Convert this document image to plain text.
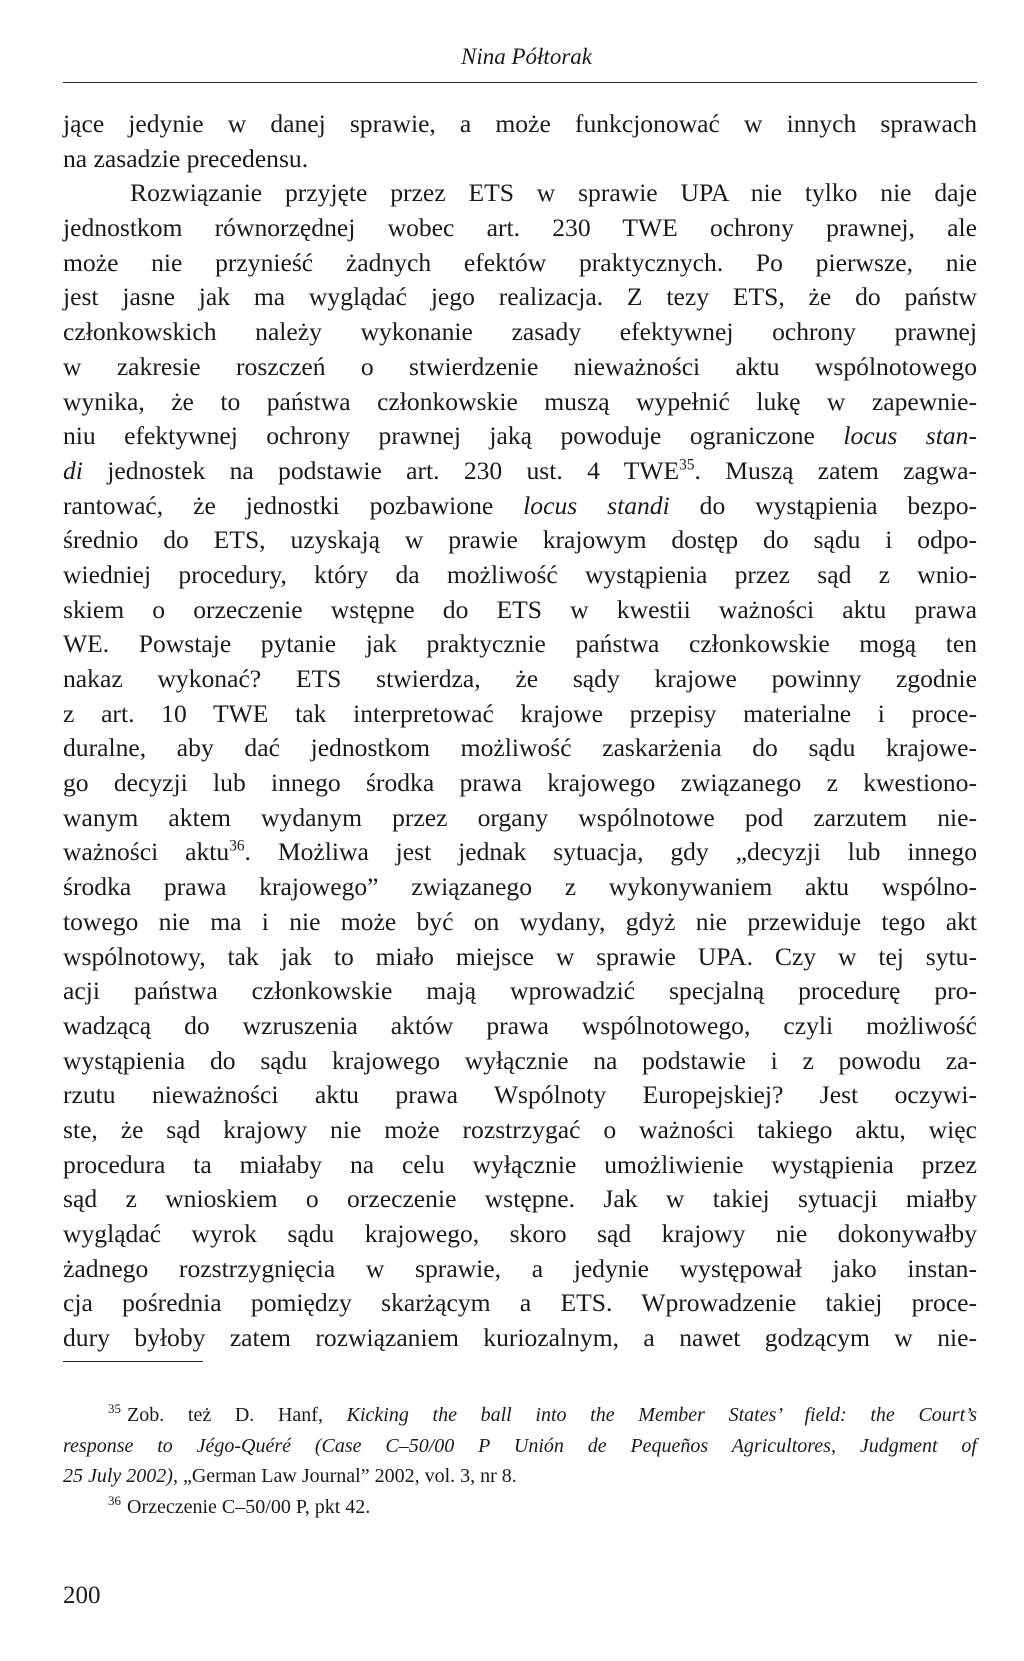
Nina Półtorak
jące jedynie w danej sprawie, a może funkcjonować w innych sprawach
na zasadzie precedensu.
Rozwiązanie przyjęte przez ETS w sprawie UPA nie tylko nie daje
jednostkom równorzędnej wobec art. 230 TWE ochrony prawnej, ale
może nie przynieść żadnych efektów praktycznych. Po pierwsze, nie
jest jasne jak ma wyglądać jego realizacja. Z tezy ETS, że do państw
członkowskich należy wykonanie zasady efektywnej ochrony prawnej
w zakresie roszczeń o stwierdzenie nieważności aktu wspólnotowego
wynika, że to państwa członkowskie muszą wypełnić lukę w zapewnie-
niu efektywnej ochrony prawnej jaką powoduje ograniczone locus stan-
di jednostek na podstawie art. 230 ust. 4 TWE$^{35}$. Muszą zatem zagwa-
rantować, że jednostki pozbawione locus standi do wystąpienia bezpo-
średnio do ETS, uzyskają w prawie krajowym dostęp do sądu i odpo-
wiedniej procedury, który da możliwość wystąpienia przez sąd z wnio-
skiem o orzeczenie wstępne do ETS w kwestii ważności aktu prawa
WE. Powstaje pytanie jak praktycznie państwa członkowskie mogą ten
nakaz wykonać? ETS stwierdza, że sądy krajowe powinny zgodnie
z art. 10 TWE tak interpretować krajowe przepisy materialne i proce-
duralne, aby dać jednostkom możliwość zaskarżenia do sądu krajowe-
go decyzji lub innego środka prawa krajowego związanego z kwestiono-
wanym aktem wydanym przez organy wspólnotowe pod zarzutem nie-
ważności aktu$^{36}$. Możliwa jest jednak sytuacja, gdy „decyzji lub innego
środka prawa krajowego” związanego z wykonywaniem aktu wspólno-
towego nie ma i nie może być on wydany, gdyż nie przewiduje tego akt
wspólnotowy, tak jak to miało miejsce w sprawie UPA. Czy w tej sytu-
acji państwa członkowskie mają wprowadzić specjalną procedurę pro-
wadzącą do wzruszenia aktów prawa wspólnotowego, czyli możliwość
wystąpienia do sądu krajowego wyłącznie na podstawie i z powodu za-
rzutu nieważności aktu prawa Wspólnoty Europejskiej? Jest oczywi-
ste, że sąd krajowy nie może rozstrzygać o ważności takiego aktu, więc
procedura ta miałaby na celu wyłącznie umożliwienie wystąpienia przez
sąd z wnioskiem o orzeczenie wstępne. Jak w takiej sytuacji miałby
wyglądać wyrok sądu krajowego, skoro sąd krajowy nie dokonywałby
żadnego rozstrzygnięcia w sprawie, a jedynie występował jako instan-
cja pośrednia pomiędzy skarżącym a ETS. Wprowadzenie takiej proce-
dury byłoby zatem rozwiązaniem kuriozalnym, a nawet godzącym w nie-
$^{35}$ Zob. też D. Hanf, Kicking the ball into the Member States’ field: the Court’s
response to Jégo-Quéré (Case C–50/00 P Unión de Pequeños Agricultores, Judgment of
25 July 2002), „German Law Journal” 2002, vol. 3, nr 8.
$^{36}$ Orzeczenie C–50/00 P, pkt 42.
200
